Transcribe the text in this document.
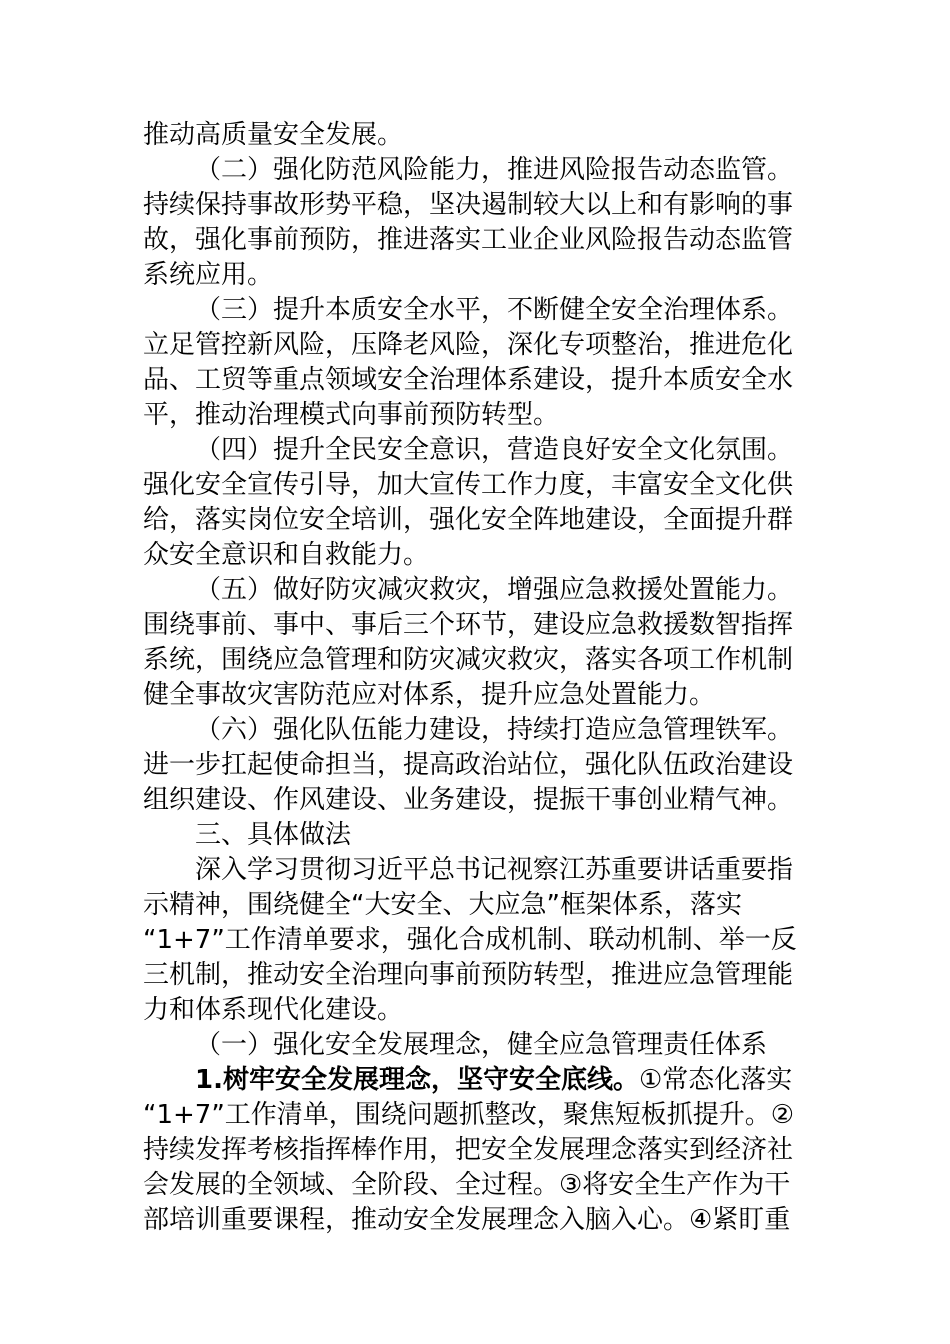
推动高质量安全发展。
（二）强化防范风险能力，推进风险报告动态监管。
持续保持事故形势平稳，坚决遏制较大以上和有影响的事
故，强化事前预防，推进落实工业企业风险报告动态监管
系统应用。
（三）提升本质安全水平，不断健全安全治理体系。
立足管控新风险，压降老风险，深化专项整治，推进危化
品、工贸等重点领域安全治理体系建设，提升本质安全水
平，推动治理模式向事前预防转型。
（四）提升全民安全意识，营造良好安全文化氛围。
强化安全宣传引导，加大宣传工作力度，丰富安全文化供
给，落实岗位安全培训，强化安全阵地建设，全面提升群
众安全意识和自救能力。
（五）做好防灾减灾救灾，增强应急救援处置能力。
围绕事前、事中、事后三个环节，建设应急救援数智指挥
系统，围绕应急管理和防灾减灾救灾，落实各项工作机制
健全事故灾害防范应对体系，提升应急处置能力。
（六）强化队伍能力建设，持续打造应急管理铁军。
进一步扛起使命担当，提高政治站位，强化队伍政治建设
组织建设、作风建设、业务建设，提振干事创业精气神。
三、具体做法
深入学习贯彻习近平总书记视察江苏重要讲话重要指
示精神，围绕健全“大安全、大应急”框架体系，落实
“1+7”工作清单要求，强化合成机制、联动机制、举一反
三机制，推动安全治理向事前预防转型，推进应急管理能
力和体系现代化建设。
（一）强化安全发展理念，健全应急管理责任体系
1.树牢安全发展理念，坚守安全底线。①常态化落实
“1+7”工作清单，围绕问题抓整改，聚焦短板抓提升。②
持续发挥考核指挥棒作用，把安全发展理念落实到经济社
会发展的全领域、全阶段、全过程。③将安全生产作为干
部培训重要课程，推动安全发展理念入脑入心。④紧盯重
